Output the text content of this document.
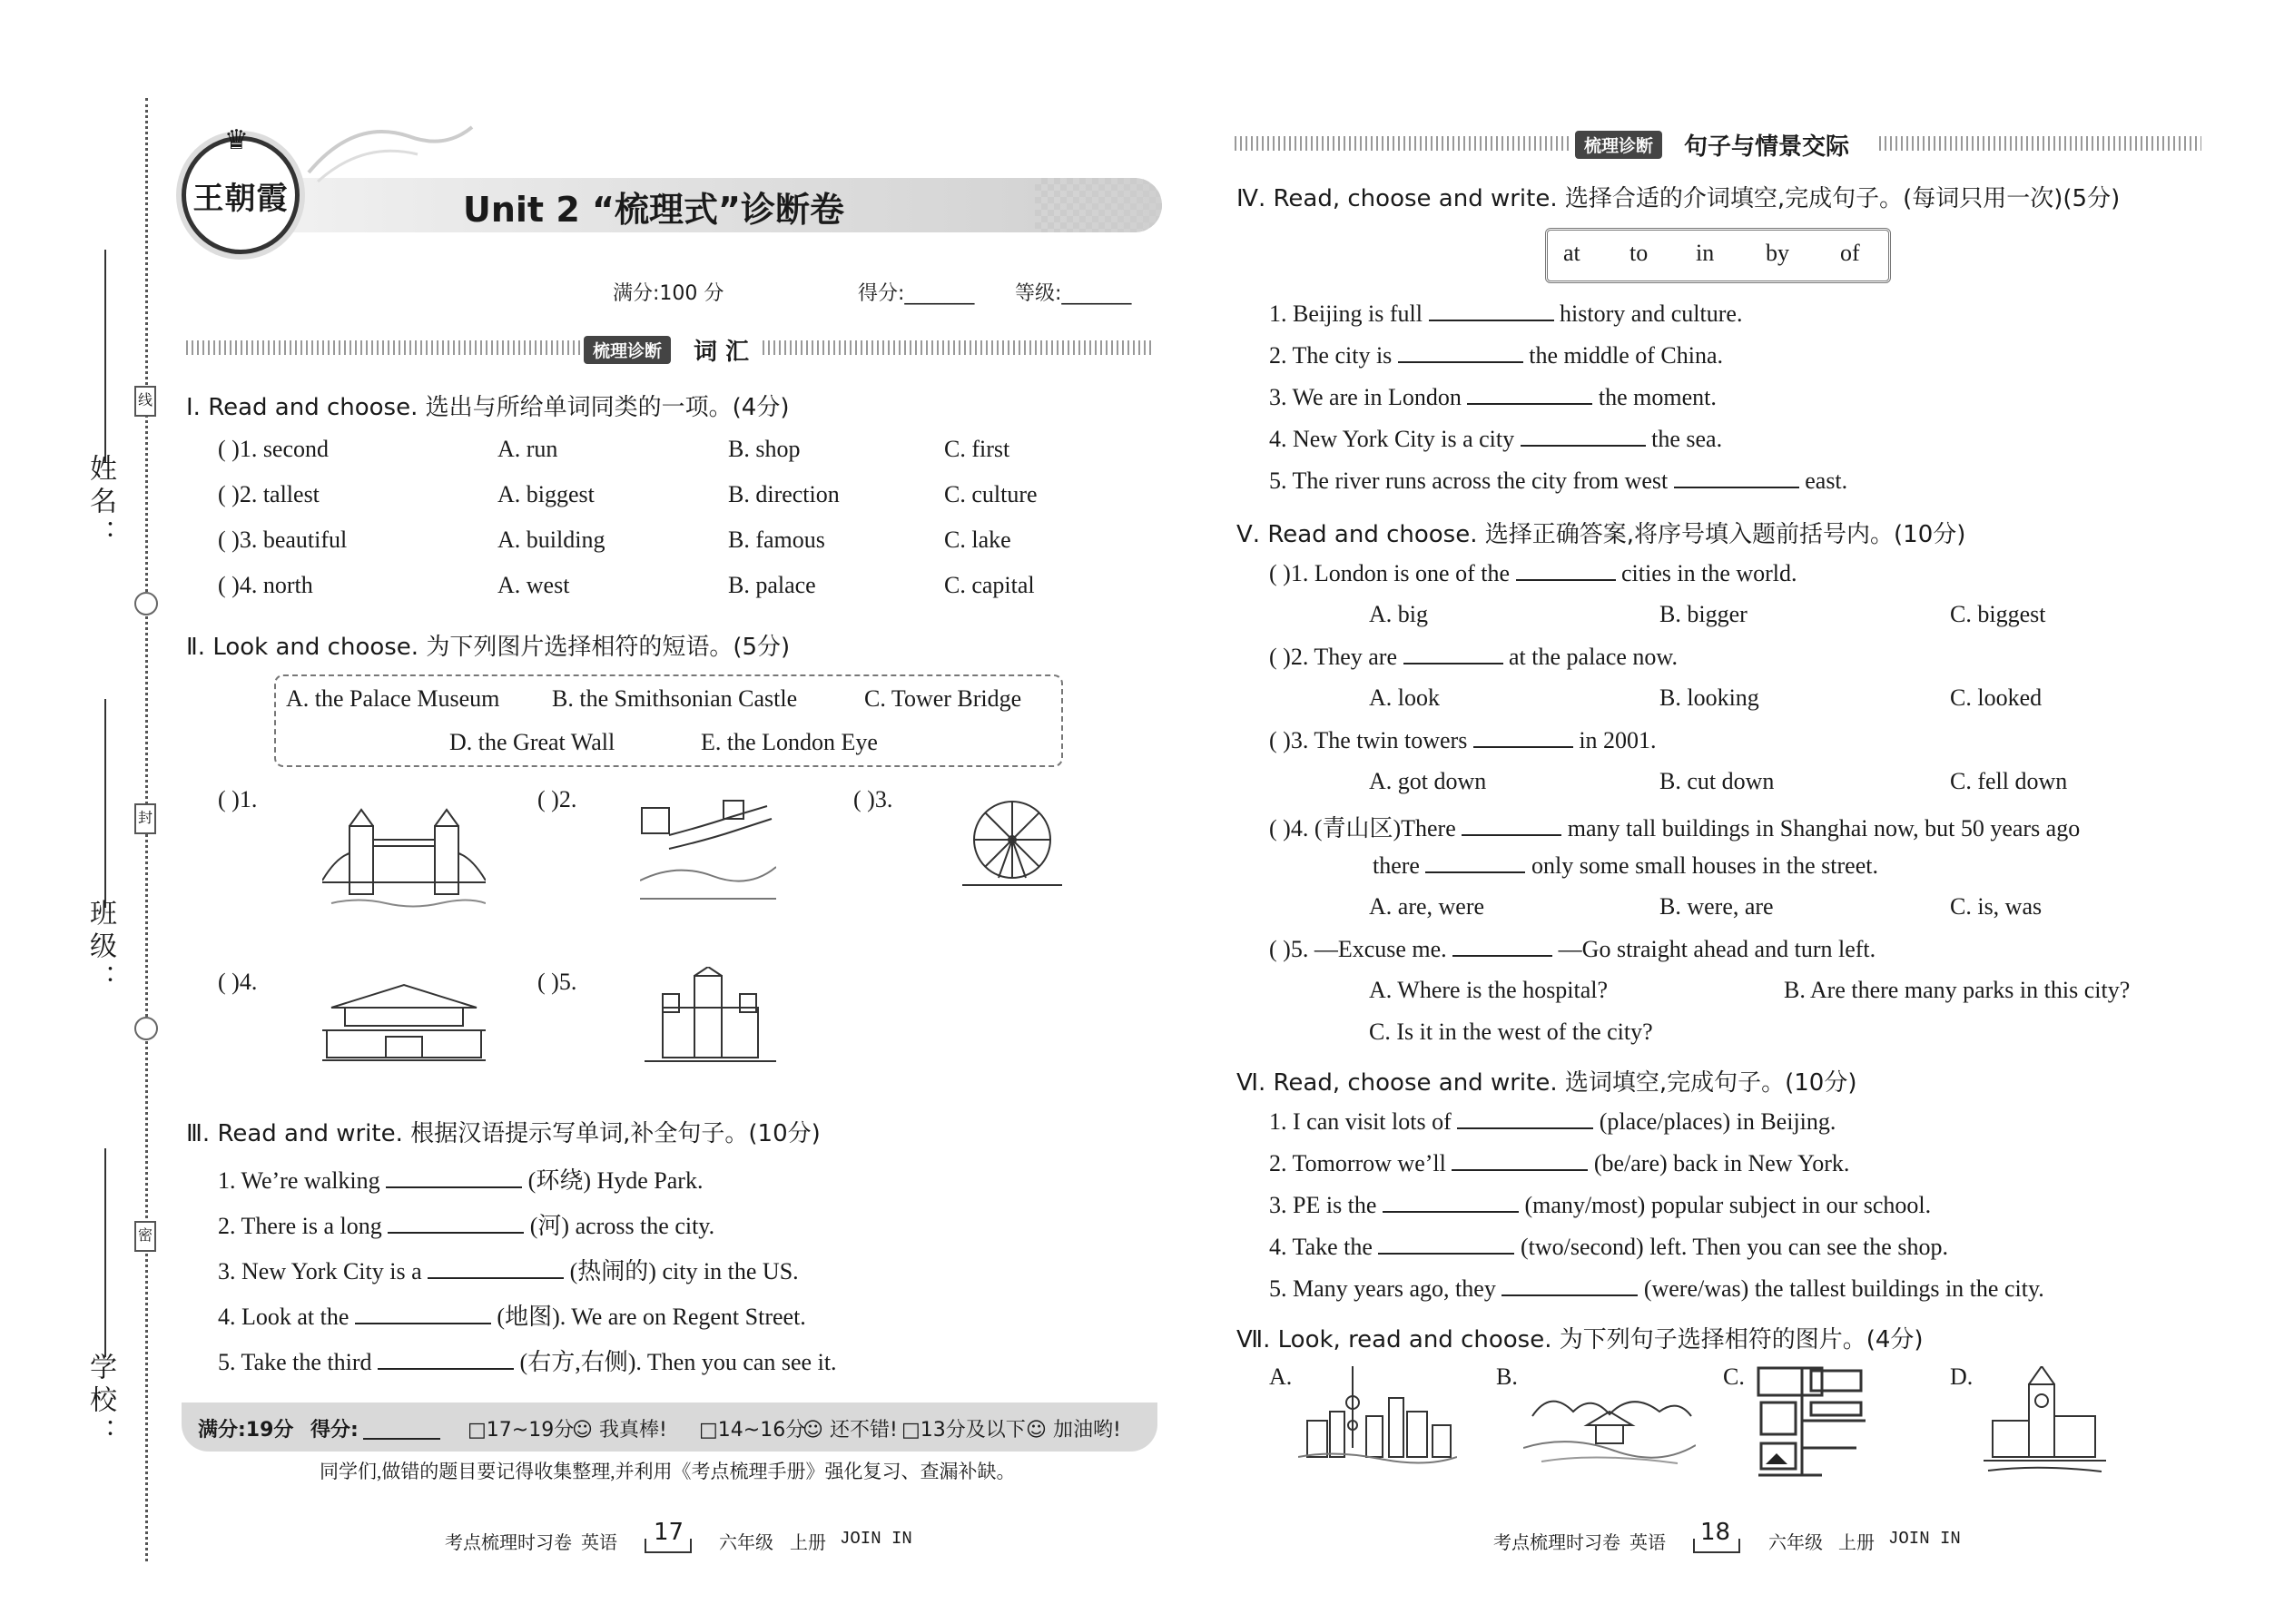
线
封
密
姓名：
班级：
学校：
♛
王朝霞	Unit 2 “梳理式”诊断卷
满分:100 分	得分:_______ 等级:_______
梳理诊断	词 汇
Ⅰ. Read and choose. 选出与所给单词同类的一项。(4分)
( )1. second	A. run	B. shop	C. first
( )2. tallest	A. biggest	B. direction	C. culture
( )3. beautiful	A. building	B. famous	C. lake
( )4. north	A. west	B. palace	C. capital
Ⅱ. Look and choose. 为下列图片选择相符的短语。(5分)
A. the Palace Museum B. the Smithsonian Castle	C. Tower Bridge
D. the Great Wall	E. the London Eye
( )1.	( )2.	( )3.
( )4.	( )5.
Ⅲ. Read and write. 根据汉语提示写单词,补全句子。(10分)
1. We’re walking	(环绕) Hyde Park.
2. There is a long	(河) across the city.
3. New York City is a	(热闹的) city in the US.
4. Look at the	(地图). We are on Regent Street.
5. Take the third	(右方,右侧). Then you can see it.
满分:19分 得分:	□17~19分
☺ 我真棒! □14~16分
☺ 还不错! □13分及以下 ☺ 加油哟!
同学们,做错的题目要记得收集整理,并利用《考点梳理手册》强化复习、查漏补缺。
考点梳理时习卷 英语 17 六年级 上册 JOIN IN
梳理诊断	句子与情景交际
Ⅳ. Read, choose and write. 选择合适的介词填空,完成句子。(每词只用一次)(5分)
at to in by of
1. Beijing is full	history and culture.
2. The city is	the middle of China.
3. We are in London	the moment.
4. New York City is a city	the sea.
5. The river runs across the city from west	east.
Ⅴ. Read and choose. 选择正确答案,将序号填入题前括号内。(10分)
( )1. London is one of the	cities in the world.
A. big	B. bigger	C. biggest
( )2. They are	at the palace now.
A. look	B. looking	C. looked
( )3. The twin towers	in 2001.
A. got down	B. cut down	C. fell down
( )4. (青山区)There	many tall buildings in Shanghai now, but 50 years ago
there	only some small houses in the street.
A. are, were	B. were, are	C. is, was
( )5. —Excuse me.	—Go straight ahead and turn left.
A. Where is the hospital?	B. Are there many parks in this city?
C. Is it in the west of the city?
Ⅵ. Read, choose and write. 选词填空,完成句子。(10分)
1. I can visit lots of	(place/places) in Beijing.
2. Tomorrow we’ll	(be/are) back in New York.
3. PE is the	(many/most) popular subject in our school.
4. Take the	(two/second) left. Then you can see the shop.
5. Many years ago, they	(were/was) the tallest buildings in the city.
Ⅶ. Look, read and choose. 为下列句子选择相符的图片。(4分)
A.	B.	C.	D.
考点梳理时习卷 英语 18 六年级 上册 JOIN IN
